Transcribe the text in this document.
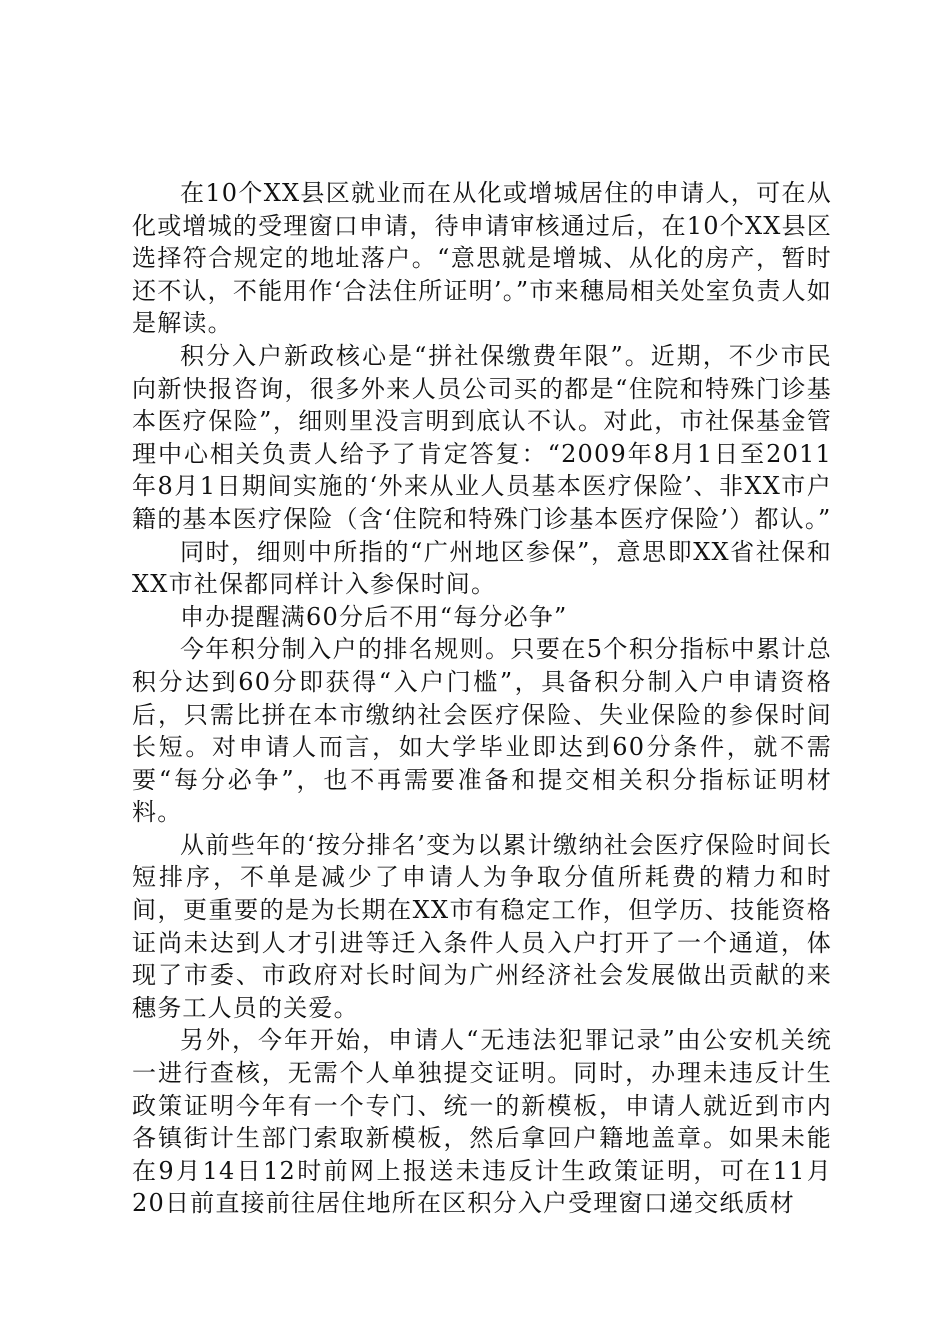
在10个XX县区就业而在从化或增城居住的申请人，可在从化或增城的受理窗口申请，待申请审核通过后，在10个XX县区选择符合规定的地址落户。“意思就是增城、从化的房产，暂时还不认，不能用作‘合法住所证明’。”市来穗局相关处室负责人如是解读。

积分入户新政核心是“拼社保缴费年限”。近期，不少市民向新快报咨询，很多外来人员公司买的都是“住院和特殊门诊基本医疗保险”，细则里没言明到底认不认。对此，市社保基金管理中心相关负责人给予了肯定答复：“2009年8月1日至2011年8月1日期间实施的‘外来从业人员基本医疗保险’、非XX市户籍的基本医疗保险（含‘住院和特殊门诊基本医疗保险’）都认。”

同时，细则中所指的“广州地区参保”，意思即XX省社保和XX市社保都同样计入参保时间。

申办提醒满60分后不用“每分必争”

今年积分制入户的排名规则。只要在5个积分指标中累计总积分达到60分即获得“入户门槛”，具备积分制入户申请资格后，只需比拼在本市缴纳社会医疗保险、失业保险的参保时间长短。对申请人而言，如大学毕业即达到60分条件，就不需要“每分必争”，也不再需要准备和提交相关积分指标证明材料。

从前些年的‘按分排名’变为以累计缴纳社会医疗保险时间长短排序，不单是减少了申请人为争取分值所耗费的精力和时间，更重要的是为长期在XX市有稳定工作，但学历、技能资格证尚未达到人才引进等迁入条件人员入户打开了一个通道，体现了市委、市政府对长时间为广州经济社会发展做出贡献的来穗务工人员的关爱。

另外，今年开始，申请人“无违法犯罪记录”由公安机关统一进行查核，无需个人单独提交证明。同时，办理未违反计生政策证明今年有一个专门、统一的新模板，申请人就近到市内各镇街计生部门索取新模板，然后拿回户籍地盖章。如果未能在9月14日12时前网上报送未违反计生政策证明，可在11月20日前直接前往居住地所在区积分入户受理窗口递交纸质材
